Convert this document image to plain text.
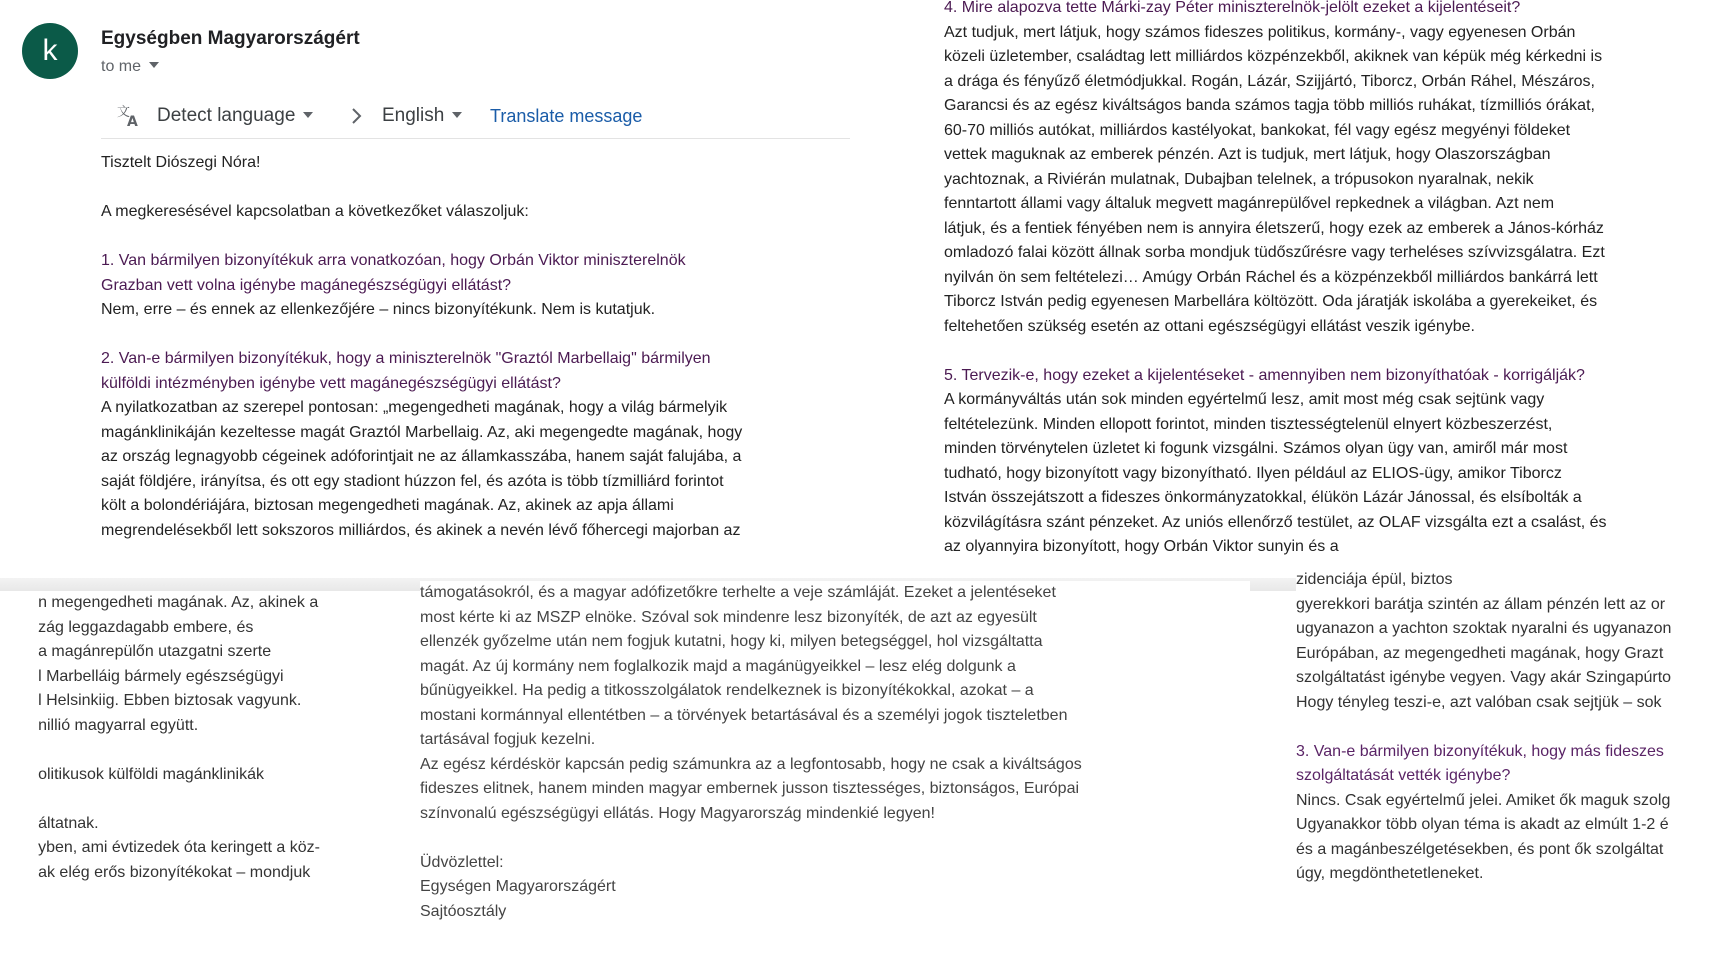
k	Egységben Magyarországért
to me
文
A Detect language	English	Translate message
Tisztelt Diószegi Nóra!
A megkeresésével kapcsolatban a következőket válaszoljuk:
1. Van bármilyen bizonyítékuk arra vonatkozóan, hogy Orbán Viktor miniszterelnök
Grazban vett volna igénybe magánegészségügyi ellátást?
Nem, erre – és ennek az ellenkezőjére – nincs bizonyítékunk. Nem is kutatjuk.
2. Van-e bármilyen bizonyítékuk, hogy a miniszterelnök "Graztól Marbellaig" bármilyen
külföldi intézményben igénybe vett magánegészségügyi ellátást?
A nyilatkozatban az szerepel pontosan: „megengedheti magának, hogy a világ bármelyik
magánklinikáján kezeltesse magát Graztól Marbellaig. Az, aki megengedte magának, hogy
az ország legnagyobb cégeinek adóforintjait ne az államkasszába, hanem saját falujába, a
saját földjére, irányítsa, és ott egy stadiont húzzon fel, és azóta is több tízmilliárd forintot
költ a bolondériájára, biztosan megengedheti magának. Az, akinek az apja állami
megrendelésekből lett sokszoros milliárdos, és akinek a nevén lévő főhercegi majorban az
4. Mire alapozva tette Márki-zay Péter miniszterelnök-jelölt ezeket a kijelentéseit?
Azt tudjuk, mert látjuk, hogy számos fideszes politikus, kormány-, vagy egyenesen Orbán
közeli üzletember, családtag lett milliárdos közpénzekből, akiknek van képük még kérkedni is
a drága és fényűző életmódjukkal. Rogán, Lázár, Szijjártó, Tiborcz, Orbán Ráhel, Mészáros,
Garancsi és az egész kiváltságos banda számos tagja több milliós ruhákat, tízmilliós órákat,
60-70 milliós autókat, milliárdos kastélyokat, bankokat, fél vagy egész megyényi földeket
vettek maguknak az emberek pénzén. Azt is tudjuk, mert látjuk, hogy Olaszországban
yachtoznak, a Riviérán mulatnak, Dubajban telelnek, a trópusokon nyaralnak, nekik
fenntartott állami vagy általuk megvett magánrepülővel repkednek a világban. Azt nem
látjuk, és a fentiek fényében nem is annyira életszerű, hogy ezek az emberek a János-kórház
omladozó falai között állnak sorba mondjuk tüdőszűrésre vagy terheléses szívvizsgálatra. Ezt
nyilván ön sem feltételezi… Amúgy Orbán Ráchel és a közpénzekből milliárdos bankárrá lett
Tiborcz István pedig egyenesen Marbellára költözött. Oda járatják iskolába a gyerekeiket, és
feltehetően szükség esetén az ottani egészségügyi ellátást veszik igénybe.
5. Tervezik-e, hogy ezeket a kijelentéseket - amennyiben nem bizonyíthatóak - korrigálják?
A kormányváltás után sok minden egyértelmű lesz, amit most még csak sejtünk vagy
feltételezünk. Minden ellopott forintot, minden tisztességtelenül elnyert közbeszerzést,
minden törvénytelen üzletet ki fogunk vizsgálni. Számos olyan ügy van, amiről már most
tudható, hogy bizonyított vagy bizonyítható. Ilyen például az ELIOS-ügy, amikor Tiborcz
István összejátszott a fideszes önkormányzatokkal, élükön Lázár Jánossal, és elsíbolták a
közvilágításra szánt pénzeket. Az uniós ellenőrző testület, az OLAF vizsgálta ezt a csalást, és
az olyannyira bizonyított, hogy Orbán Viktor sunyin és a
n megengedheti magának. Az, akinek a
zág leggazdagabb embere, és
a magánrepülőn utazgatni szerte
l Marbelláig bármely egészségügyi
l Helsinkiig. Ebben biztosak vagyunk.
nillió magyarral együtt.
olitikusok külföldi magánklinikák
áltatnak.
yben, ami évtizedek óta keringett a köz-
ak elég erős bizonyítékokat – mondjuk
támogatásokról, és a magyar adófizetőkre terhelte a veje számláját. Ezeket a jelentéseket
most kérte ki az MSZP elnöke. Szóval sok mindenre lesz bizonyíték, de azt az egyesült
ellenzék győzelme után nem fogjuk kutatni, hogy ki, milyen betegséggel, hol vizsgáltatta
magát. Az új kormány nem foglalkozik majd a magánügyeikkel – lesz elég dolgunk a
bűnügyeikkel. Ha pedig a titkosszolgálatok rendelkeznek is bizonyítékokkal, azokat – a
mostani kormánnyal ellentétben – a törvények betartásával és a személyi jogok tiszteletben
tartásával fogjuk kezelni.
Az egész kérdéskör kapcsán pedig számunkra az a legfontosabb, hogy ne csak a kiváltságos
fideszes elitnek, hanem minden magyar embernek jusson tisztességes, biztonságos, Európai
színvonalú egészségügyi ellátás. Hogy Magyarország mindenkié legyen!
Üdvözlettel:
Egységen Magyarországért
Sajtóosztály
zidenciája épül, biztos
gyerekkori barátja szintén az állam pénzén lett az or
ugyanazon a yachton szoktak nyaralni és ugyanazon
Európában, az megengedheti magának, hogy Grazt
szolgáltatást igénybe vegyen. Vagy akár Szingapúrto
Hogy tényleg teszi-e, azt valóban csak sejtjük – sok
3. Van-e bármilyen bizonyítékuk, hogy más fideszes
szolgáltatását vették igénybe?
Nincs. Csak egyértelmű jelei. Amiket ők maguk szolg
Ugyanakkor több olyan téma is akadt az elmúlt 1-2 é
és a magánbeszélgetésekben, és pont ők szolgáltat
úgy, megdönthetetleneket.
